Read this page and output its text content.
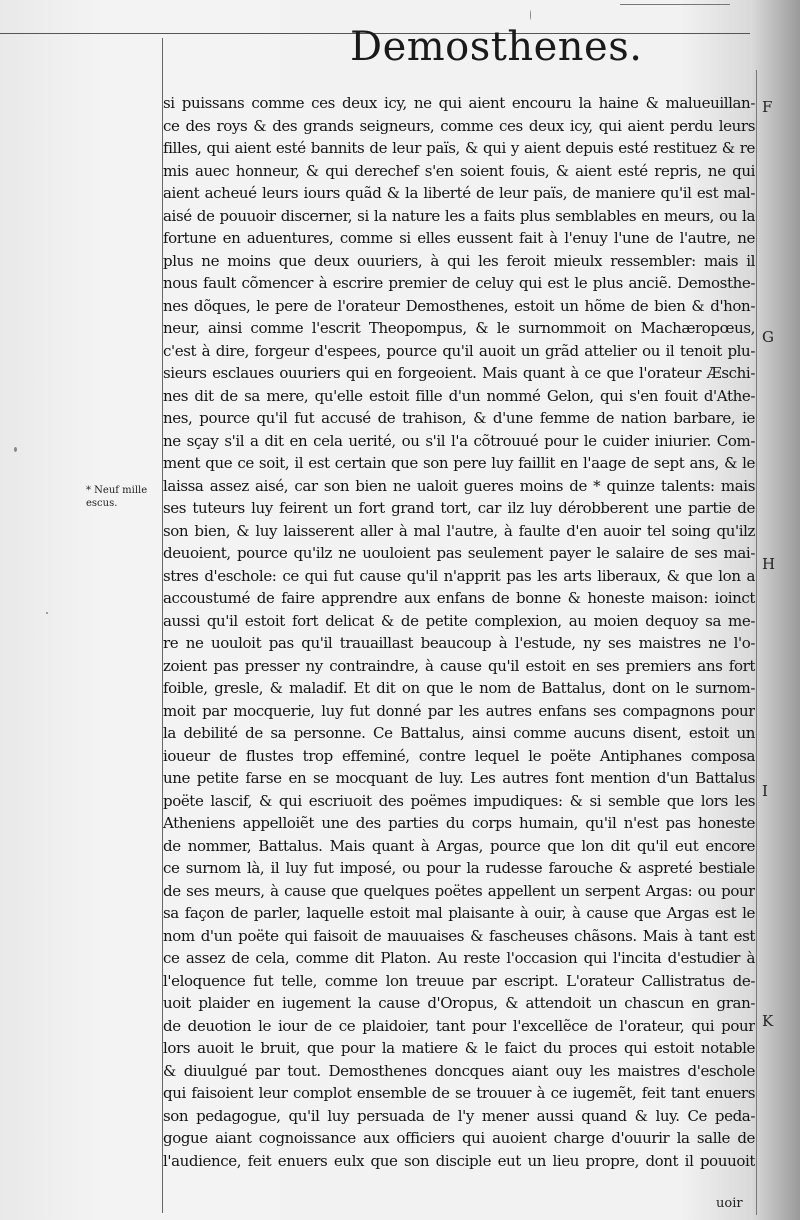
Demosthenes.
* Neuf mille escus.
si puissans comme ces deux icy, ne qui aient encouru la haine & malueuillan-
ce des roys & des grands seigneurs, comme ces deux icy, qui aient perdu leurs
filles, qui aient esté bannits de leur païs, & qui y aient depuis esté restituez & re
mis auec honneur, & qui derechef s'en soient fouis, & aient esté repris, ne qui
aient acheué leurs iours quãd & la liberté de leur païs, de maniere qu'il est mal-
aisé de pouuoir discerner, si la nature les a faits plus semblables en meurs, ou la
fortune en aduentures, comme si elles eussent fait à l'enuy l'une de l'autre, ne
plus ne moins que deux ouuriers, à qui les feroit mieulx ressembler: mais il
nous fault cõmencer à escrire premier de celuy qui est le plus anciẽ. Demosthe-
nes dõques, le pere de l'orateur Demosthenes, estoit un hõme de bien & d'hon-
neur, ainsi comme l'escrit Theopompus, & le surnommoit on Machæropœus,
c'est à dire, forgeur d'espees, pource qu'il auoit un grãd attelier ou il tenoit plu-
sieurs esclaues ouuriers qui en forgeoient. Mais quant à ce que l'orateur Æschi-
nes dit de sa mere, qu'elle estoit fille d'un nommé Gelon, qui s'en fouit d'Athe-
nes, pource qu'il fut accusé de trahison, & d'une femme de nation barbare, ie
ne sçay s'il a dit en cela uerité, ou s'il l'a cõtrouué pour le cuider iniurier. Com-
ment que ce soit, il est certain que son pere luy faillit en l'aage de sept ans, & le
laissa assez aisé, car son bien ne ualoit gueres moins de * quinze talents: mais
ses tuteurs luy feirent un fort grand tort, car ilz luy dérobberent une partie de
son bien, & luy laisserent aller à mal l'autre, à faulte d'en auoir tel soing qu'ilz
deuoient, pource qu'ilz ne uouloient pas seulement payer le salaire de ses mai-
stres d'eschole: ce qui fut cause qu'il n'apprit pas les arts liberaux, & que lon a
accoustumé de faire apprendre aux enfans de bonne & honeste maison: ioinct
aussi qu'il estoit fort delicat & de petite complexion, au moien dequoy sa me-
re ne uouloit pas qu'il trauaillast beaucoup à l'estude, ny ses maistres ne l'o-
zoient pas presser ny contraindre, à cause qu'il estoit en ses premiers ans fort
foible, gresle, & maladif. Et dit on que le nom de Battalus, dont on le surnom-
moit par mocquerie, luy fut donné par les autres enfans ses compagnons pour
la debilité de sa personne. Ce Battalus, ainsi comme aucuns disent, estoit un
ioueur de flustes trop effeminé, contre lequel le poëte Antiphanes composa
une petite farse en se mocquant de luy. Les autres font mention d'un Battalus
poëte lascif, & qui escriuoit des poëmes impudiques: & si semble que lors les
Atheniens appelloiẽt une des parties du corps humain, qu'il n'est pas honeste
de nommer, Battalus. Mais quant à Argas, pource que lon dit qu'il eut encore
ce surnom là, il luy fut imposé, ou pour la rudesse farouche & aspreté bestiale
de ses meurs, à cause que quelques poëtes appellent un serpent Argas: ou pour
sa façon de parler, laquelle estoit mal plaisante à ouir, à cause que Argas est le
nom d'un poëte qui faisoit de mauuaises & fascheuses chãsons. Mais à tant est
ce assez de cela, comme dit Platon. Au reste l'occasion qui l'incita d'estudier à
l'eloquence fut telle, comme lon treuue par escript. L'orateur Callistratus de-
uoit plaider en iugement la cause d'Oropus, & attendoit un chascun en gran-
de deuotion le iour de ce plaidoier, tant pour l'excellẽce de l'orateur, qui pour
lors auoit le bruit, que pour la matiere & le faict du proces qui estoit notable
& diuulgué par tout. Demosthenes doncques aiant ouy les maistres d'eschole
qui faisoient leur complot ensemble de se trouuer à ce iugemẽt, feit tant enuers
son pedagogue, qu'il luy persuada de l'y mener aussi quand & luy. Ce peda-
gogue aiant cognoissance aux officiers qui auoient charge d'ouurir la salle de
l'audience, feit enuers eulx que son disciple eut un lieu propre, dont il pouuoit
F
G
H
I
K
uoir
